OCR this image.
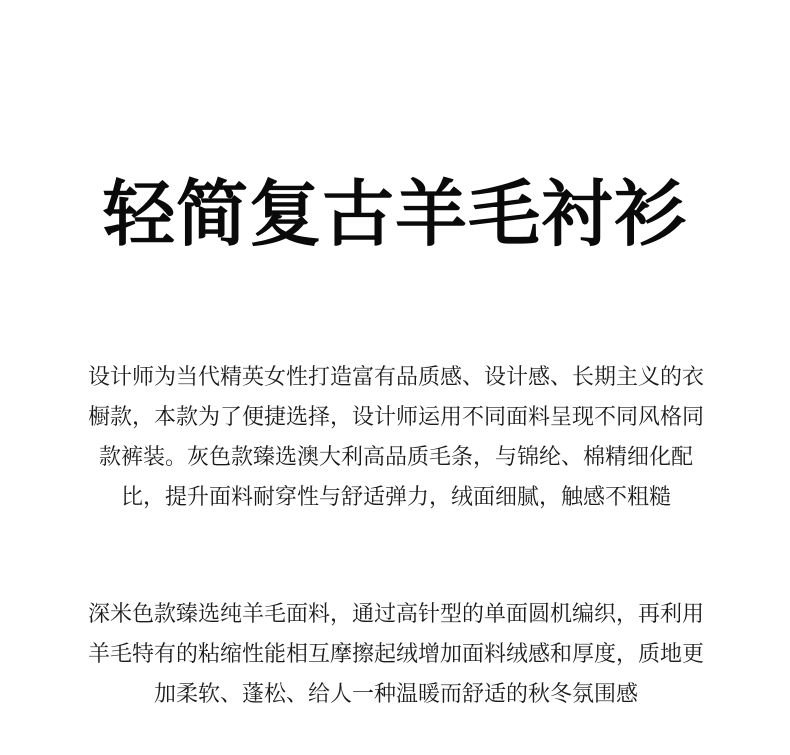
轻简复古羊毛衬衫

设计师为当代精英女性打造富有品质感、设计感、长期主义的衣橱款，本款为了便捷选择，设计师运用不同面料呈现不同风格同款裤装。灰色款臻选澳大利高品质毛条，与锦纶、棉精细化配比，提升面料耐穿性与舒适弹力，绒面细腻，触感不粗糙

深米色款臻选纯羊毛面料，通过高针型的单面圆机编织，再利用羊毛特有的粘缩性能相互摩擦起绒增加面料绒感和厚度，质地更加柔软、蓬松、给人一种温暖而舒适的秋冬氛围感
